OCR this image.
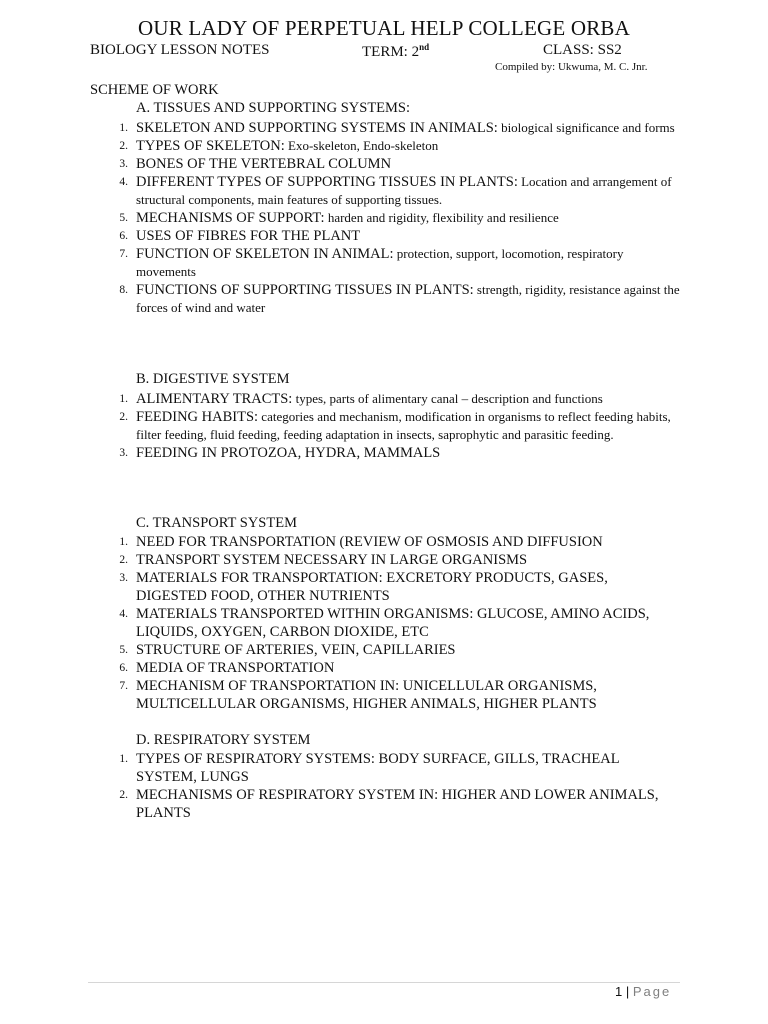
OUR LADY OF PERPETUAL HELP COLLEGE ORBA
BIOLOGY LESSON NOTES	TERM: 2nd	CLASS: SS2
Compiled by: Ukwuma, M. C. Jnr.
SCHEME OF WORK
A. TISSUES AND SUPPORTING SYSTEMS:
1. SKELETON AND SUPPORTING SYSTEMS IN ANIMALS: biological significance and forms
2. TYPES OF SKELETON: Exo-skeleton, Endo-skeleton
3. BONES OF THE VERTEBRAL COLUMN
4. DIFFERENT TYPES OF SUPPORTING TISSUES IN PLANTS: Location and arrangement of structural components, main features of supporting tissues.
5. MECHANISMS OF SUPPORT: harden and rigidity, flexibility and resilience
6. USES OF FIBRES FOR THE PLANT
7. FUNCTION OF SKELETON IN ANIMAL: protection, support, locomotion, respiratory movements
8. FUNCTIONS OF SUPPORTING TISSUES IN PLANTS: strength, rigidity, resistance against the forces of wind and water
B. DIGESTIVE SYSTEM
1. ALIMENTARY TRACTS: types, parts of alimentary canal – description and functions
2. FEEDING HABITS: categories and mechanism, modification in organisms to reflect feeding habits, filter feeding, fluid feeding, feeding adaptation in insects, saprophytic and parasitic feeding.
3. FEEDING IN PROTOZOA, HYDRA, MAMMALS
C. TRANSPORT SYSTEM
1. NEED FOR TRANSPORTATION (REVIEW OF OSMOSIS AND DIFFUSION
2. TRANSPORT SYSTEM NECESSARY IN LARGE ORGANISMS
3. MATERIALS FOR TRANSPORTATION: EXCRETORY PRODUCTS, GASES, DIGESTED FOOD, OTHER NUTRIENTS
4. MATERIALS TRANSPORTED WITHIN ORGANISMS: GLUCOSE, AMINO ACIDS, LIQUIDS, OXYGEN, CARBON DIOXIDE, ETC
5. STRUCTURE OF ARTERIES, VEIN, CAPILLARIES
6. MEDIA OF TRANSPORTATION
7. MECHANISM OF TRANSPORTATION IN: UNICELLULAR ORGANISMS, MULTICELLULAR ORGANISMS, HIGHER ANIMALS, HIGHER PLANTS
D. RESPIRATORY SYSTEM
1. TYPES OF RESPIRATORY SYSTEMS: BODY SURFACE, GILLS, TRACHEAL SYSTEM, LUNGS
2. MECHANISMS OF RESPIRATORY SYSTEM IN: HIGHER AND LOWER ANIMALS, PLANTS
1 | Page
